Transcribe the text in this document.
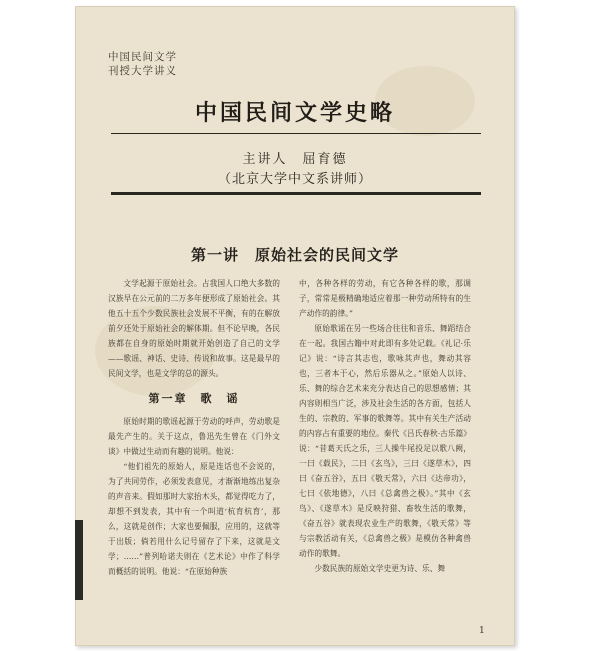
中国民间文学
刊授大学讲义
中国民间文学史略
主讲人　屈育德
（北京大学中文系讲师）
第一讲　原始社会的民间文学

文学起源于原始社会。占我国人口绝大多数的汉族早在公元前的二万多年便形成了原始社会。其他五十五个少数民族社会发展不平衡，有的在解放前夕还处于原始社会的解体期。但不论早晚，各民族都在自身的原始时期就开始创造了自己的文学——歌谣、神话、史诗、传说和故事。这是最早的民间文学，也是文学的总的源头。

第一章　歌　谣

原始时期的歌谣起源于劳动的呼声，劳动歌是最先产生的。关于这点，鲁迅先生曾在《门外文谈》中做过生动而有趣的说明。他说：

“他们祖先的原始人，原是连话也不会说的，为了共同劳作，必须发表意见，才渐渐地练出复杂的声音来。假如那时大家抬木头，都觉得吃力了，却想不到发表，其中有一个叫道‘杭育杭育’，那么，这就是创作；大家也要佩服，应用的，这就等于出版；倘若用什么记号留存了下来，这就是文学；……”普列哈诺夫则在《艺术论》中作了科学而概括的说明。他说：“在原始种族

中，各种各样的劳动，有它各种各样的歌，那调子，常常是极精确地适应着那一种劳动所特有的生产动作的韵律。”

原始歌谣在另一些场合往往和音乐、舞蹈结合在一起。我国古籍中对此即有多处记载。《礼记·乐记》说：“诗言其志也，歌咏其声也，舞动其容也，三者本于心，然后乐器从之。”原始人以诗、乐、舞的综合艺术来充分表达自己的思想感情；其内容则相当广泛，涉及社会生活的各方面，包括人生的、宗教的、军事的歌舞等。其中有关生产活动的内容占有重要的地位。秦代《吕氏春秋·古乐篇》说：“昔葛天氏之乐，三人操牛尾投足以歌八阙，一曰《载民》，二曰《玄鸟》，三曰《遂草木》，四曰《奋五谷》，五曰《敬天常》，六曰《达帝功》，七曰《依地德》，八曰《总禽兽之极》。”其中《玄鸟》、《遂草木》是反映狩猎、畜牧生活的歌舞，《奋五谷》就表现农业生产的歌舞，《敬天常》等与宗教活动有关，《总禽兽之极》是模仿各种禽兽动作的歌舞。

少数民族的原始文学史更为诗、乐、舞

1
